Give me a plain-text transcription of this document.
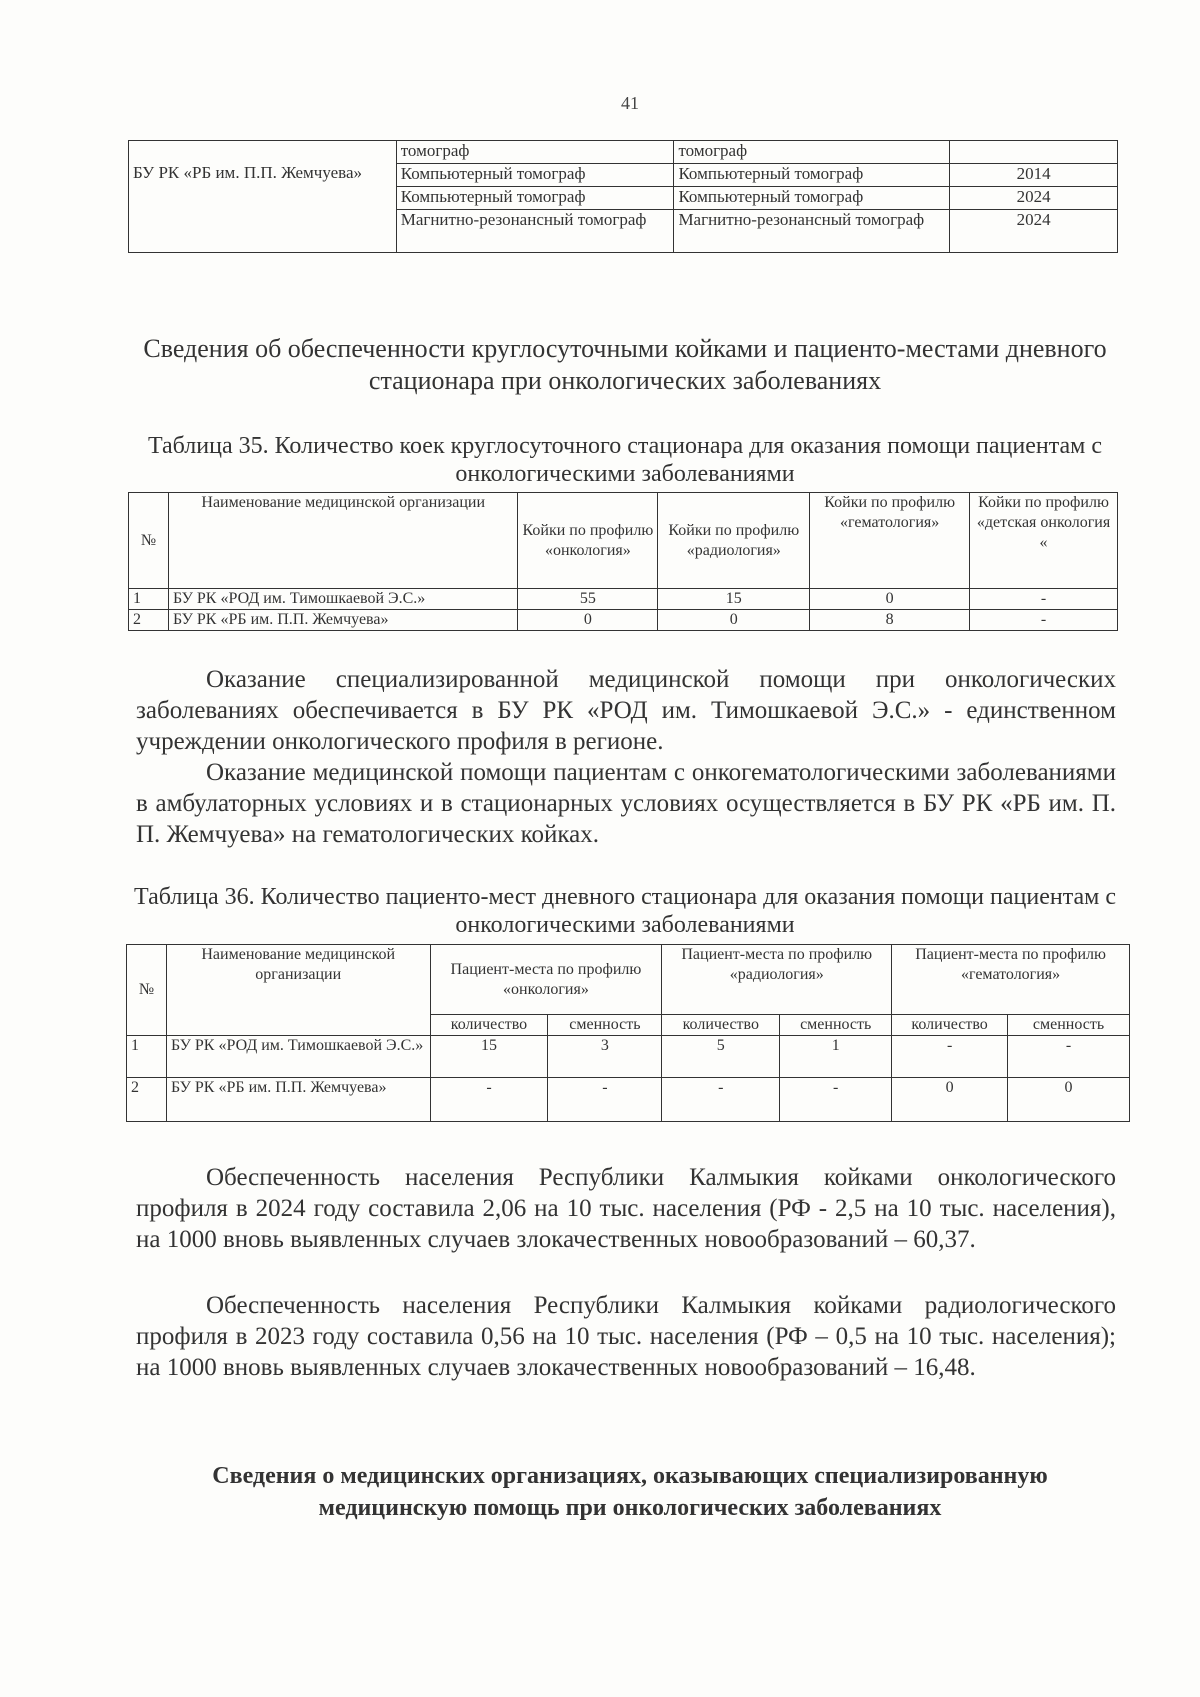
41
БУ РК «РБ им. П.П. Жемчуева»	томограф	томограф	
	Компьютерный томограф	Компьютерный томограф	2014
	Компьютерный томограф	Компьютерный томограф	2024
	Магнитно-резонансный томограф	Магнитно-резонансный томограф	2024
Сведения об обеспеченности круглосуточными койками и пациенто-местами дневного стационара при онкологических заболеваниях
Таблица 35. Количество коек круглосуточного стационара для оказания помощи пациентам с онкологическими заболеваниями
№	Наименование медицинской организации	Койки по профилю «онкология»	Койки по профилю «радиология»	Койки по профилю «гематология»	Койки по профилю «детская онкология «
1	БУ РК «РОД им. Тимошкаевой Э.С.»	55	15	0	-
2	БУ РК «РБ им. П.П. Жемчуева»	0	0	8	-
Оказание специализированной медицинской помощи при онкологических заболеваниях обеспечивается в БУ РК «РОД им. Тимошкаевой Э.С.» - единственном учреждении онкологического профиля в регионе.
Оказание медицинской помощи пациентам с онкогематологическими заболеваниями в амбулаторных условиях и в стационарных условиях осуществляется в БУ РК «РБ им. П. П. Жемчуева» на гематологических койках.
Таблица 36. Количество пациенто-мест дневного стационара для оказания помощи пациентам с онкологическими заболеваниями
№	Наименование медицинской организации	Пациент-места по профилю «онкология»		Пациент-места по профилю «радиология»		Пациент-места по профилю «гематология»	
		количество	сменность	количество	сменность	количество	сменность
1	БУ РК «РОД им. Тимошкаевой Э.С.»	15	3	5	1	-	-
2	БУ РК «РБ им. П.П. Жемчуева»	-	-	-	-	0	0
Обеспеченность населения Республики Калмыкия койками онкологического профиля в 2024 году составила 2,06 на 10 тыс. населения (РФ - 2,5 на 10 тыс. населения), на 1000 вновь выявленных случаев злокачественных новообразований – 60,37.
Обеспеченность населения Республики Калмыкия койками радиологического профиля в 2023 году составила 0,56 на 10 тыс. населения (РФ – 0,5 на 10 тыс. населения); на 1000 вновь выявленных случаев злокачественных новообразований – 16,48.
Сведения о медицинских организациях, оказывающих специализированную медицинскую помощь при онкологических заболеваниях
